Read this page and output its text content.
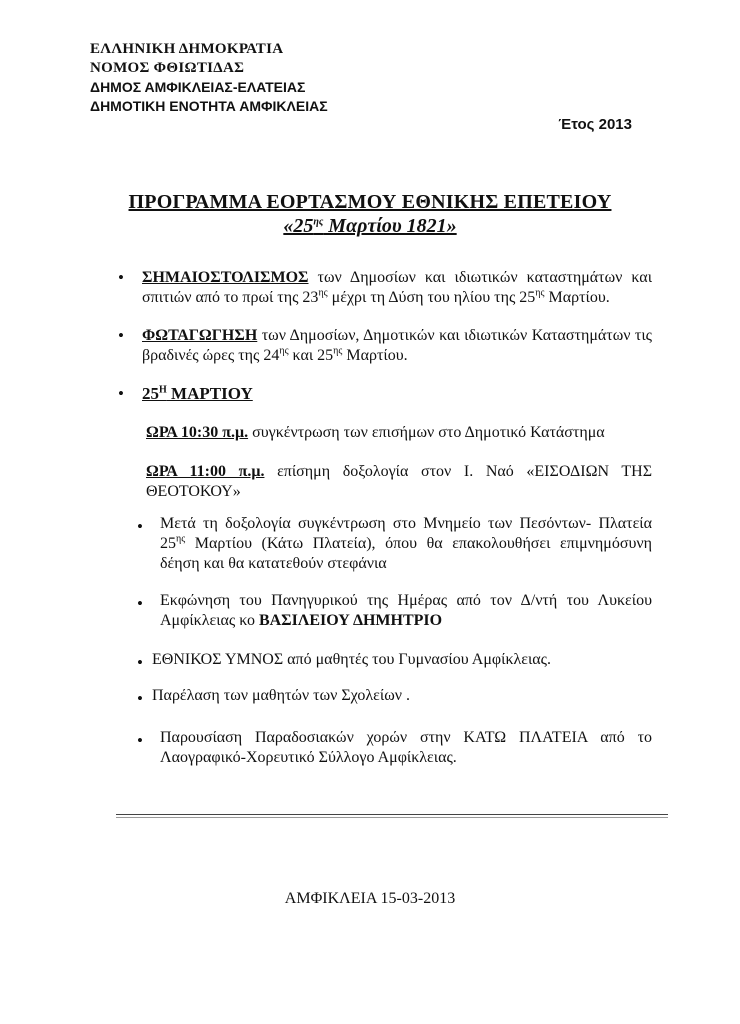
ΕΛΛΗΝΙΚΗ ΔΗΜΟΚΡΑΤΙΑ
ΝΟΜΟΣ ΦΘΙΩΤΙΔΑΣ
ΔΗΜΟΣ ΑΜΦΙΚΛΕΙΑΣ-ΕΛΑΤΕΙΑΣ
ΔΗΜΟΤΙΚΗ ΕΝΟΤΗΤΑ ΑΜΦΙΚΛΕΙΑΣ
Έτος 2013
ΠΡΟΓΡΑΜΜΑ ΕΟΡΤΑΣΜΟΥ ΕΘΝΙΚΗΣ ΕΠΕΤΕΙΟΥ
«$25^{\eta\varsigma}$ Μαρτίου 1821»
• ΣΗΜΑΙΟΣΤΟΛΙΣΜΟΣ των Δημοσίων και ιδιωτικών καταστημάτων και σπιτιών από το πρωί της $23^{\eta\varsigma}$ μέχρι τη Δύση του ηλίου της $25^{\eta\varsigma}$ Μαρτίου.
• ΦΩΤΑΓΩΓΗΣΗ των Δημοσίων, Δημοτικών και ιδιωτικών Καταστημάτων τις βραδινές ώρες της $24^{\eta\varsigma}$ και $25^{\eta\varsigma}$ Μαρτίου.
• $25^H$ ΜΑΡΤΙΟΥ
ΩΡΑ 10:30 π.μ. συγκέντρωση των επισήμων στο Δημοτικό Κατάστημα
ΩΡΑ 11:00 π.μ. επίσημη δοξολογία στον Ι. Ναό «ΕΙΣΟΔΙΩΝ ΤΗΣ ΘΕΟΤΟΚΟΥ»
• Μετά τη δοξολογία συγκέντρωση στο Μνημείο των Πεσόντων- Πλατεία $25^{\eta\varsigma}$ Μαρτίου (Κάτω Πλατεία), όπου θα επακολουθήσει επιμνημόσυνη δέηση και θα κατατεθούν στεφάνια
• Εκφώνηση του Πανηγυρικού της Ημέρας από τον Δ/ντή του Λυκείου Αμφίκλειας κο ΒΑΣΙΛΕΙΟΥ ΔΗΜΗΤΡΙΟ
• ΕΘΝΙΚΟΣ ΥΜΝΟΣ από μαθητές του Γυμνασίου Αμφίκλειας.
• Παρέλαση των μαθητών των Σχολείων .
• Παρουσίαση Παραδοσιακών χορών στην ΚΑΤΩ ΠΛΑΤΕΙΑ από το Λαογραφικό-Χορευτικό Σύλλογο Αμφίκλειας.
ΑΜΦΙΚΛΕΙΑ 15-03-2013
